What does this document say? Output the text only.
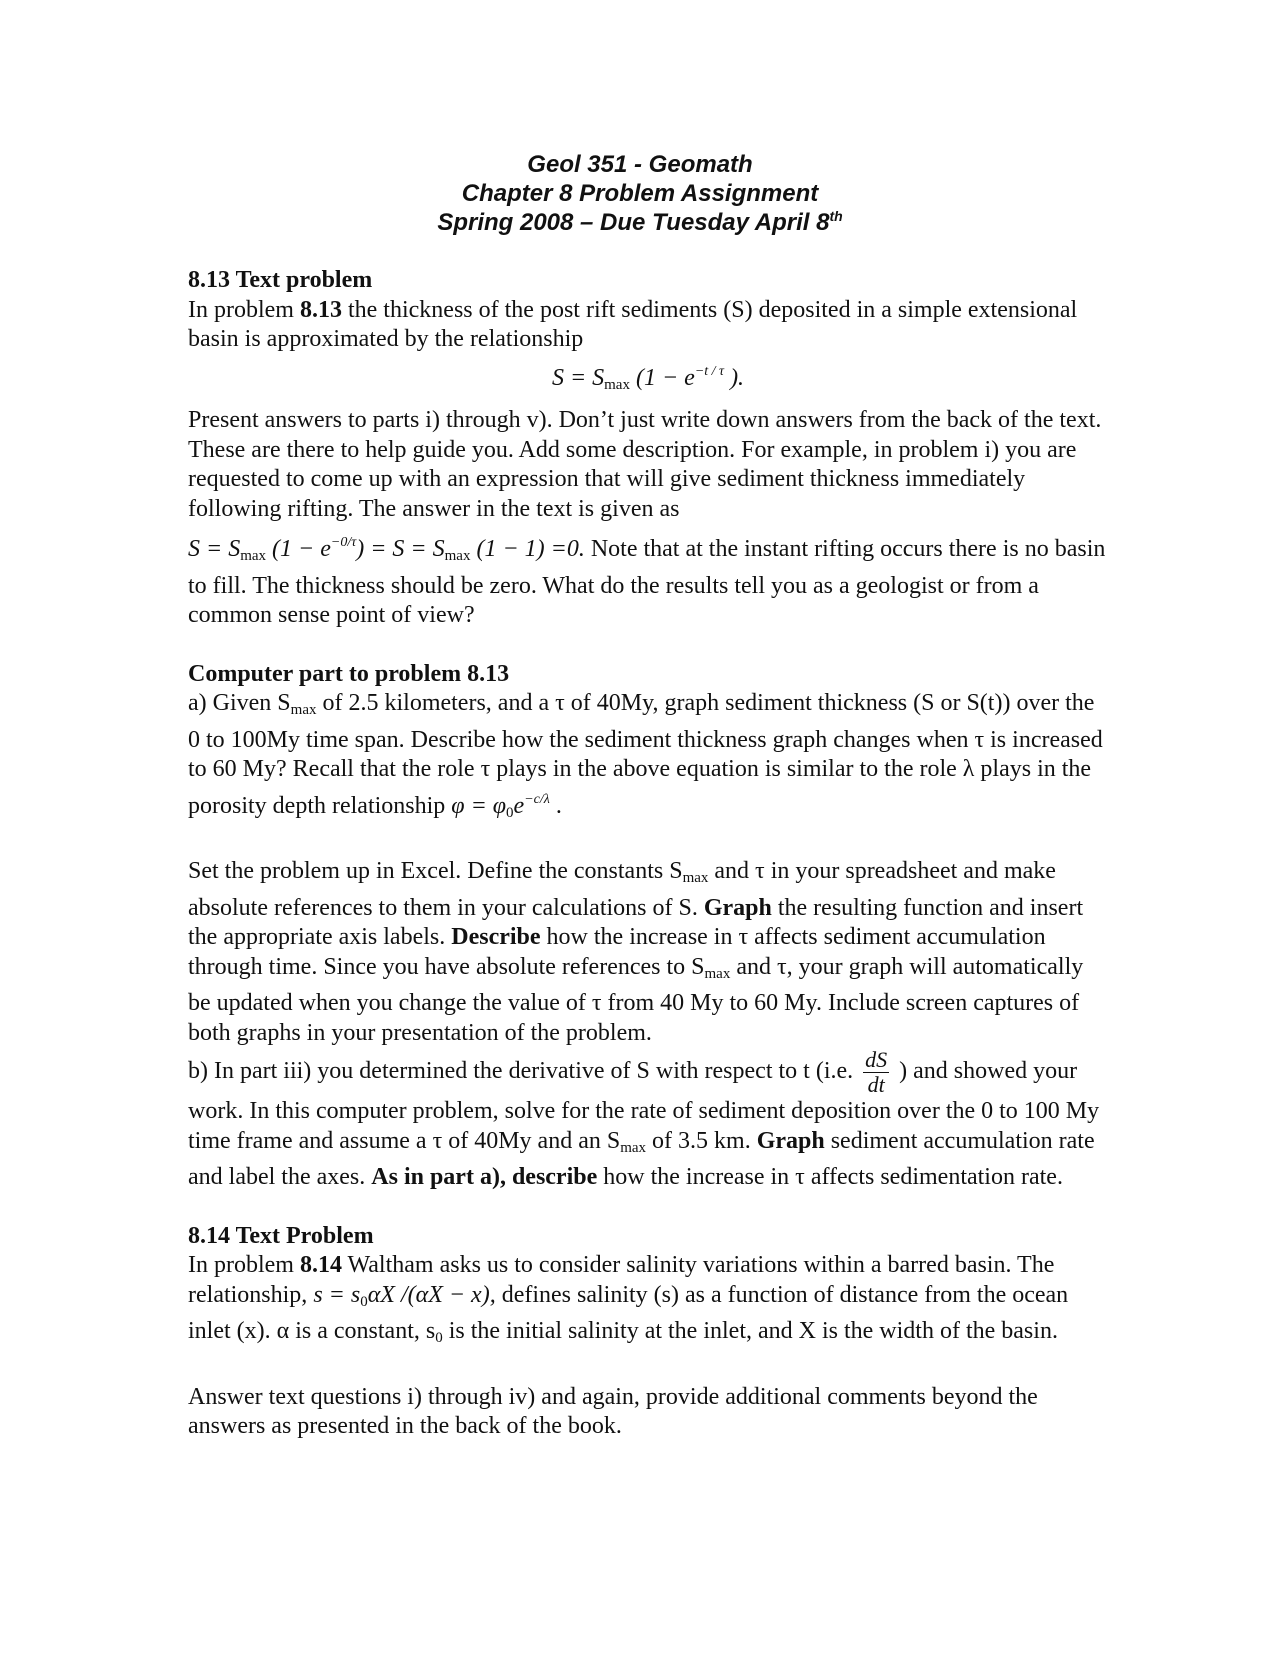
Geol 351 - Geomath
Chapter 8 Problem Assignment
Spring 2008 – Due Tuesday April 8th
8.13 Text problem

In problem 8.13 the thickness of the post rift sediments (S) deposited in a simple extensional basin is approximated by the relationship

$S = S_{max}$ ($1 - e^{-t / \tau}$ ).

Present answers to parts i) through v). Don’t just write down answers from the back of the text. These are there to help guide you. Add some description. For example, in problem i) you are requested to come up with an expression that will give sediment thickness immediately following rifting. The answer in the text is given as

$S = S_{max}$ $(1 - e^{-0/\tau}) = S = S_{max}$ (1 − 1) =0. Note that at the instant rifting occurs there is no basin to fill. The thickness should be zero. What do the results tell you as a geologist or from a common sense point of view?

Computer part to problem 8.13

a) Given $S_{max}$ of 2.5 kilometers, and a τ of 40My, graph sediment thickness (S or S(t)) over the 0 to 100My time span. Describe how the sediment thickness graph changes when τ is increased to 60 My? Recall that the role τ plays in the above equation is similar to the role λ plays in the porosity depth relationship $\varphi = \varphi_0e^{-c/\lambda}$ .

Set the problem up in Excel. Define the constants $S_{max}$ and τ in your spreadsheet and make absolute references to them in your calculations of S. Graph the resulting function and insert the appropriate axis labels. Describe how the increase in τ affects sediment accumulation through time. Since you have absolute references to $S_{max}$ and τ, your graph will automatically be updated when you change the value of τ from 40 My to 60 My. Include screen captures of both graphs in your presentation of the problem.

b) In part iii) you determined the derivative of S with respect to t (i.e. $\frac{dS}{dt}$ ) and showed your work. In this computer problem, solve for the rate of sediment deposition over the 0 to 100 My time frame and assume a τ of 40My and an $S_{max}$ of 3.5 km. Graph sediment accumulation rate and label the axes. As in part a), describe how the increase in τ affects sedimentation rate.

8.14 Text Problem

In problem 8.14 Waltham asks us to consider salinity variations within a barred basin. The relationship, $s = s_0\alpha X$ /(αX − x), defines salinity (s) as a function of distance from the ocean inlet (x). α is a constant, $s_0$ is the initial salinity at the inlet, and X is the width of the basin.

Answer text questions i) through iv) and again, provide additional comments beyond the answers as presented in the back of the book.
